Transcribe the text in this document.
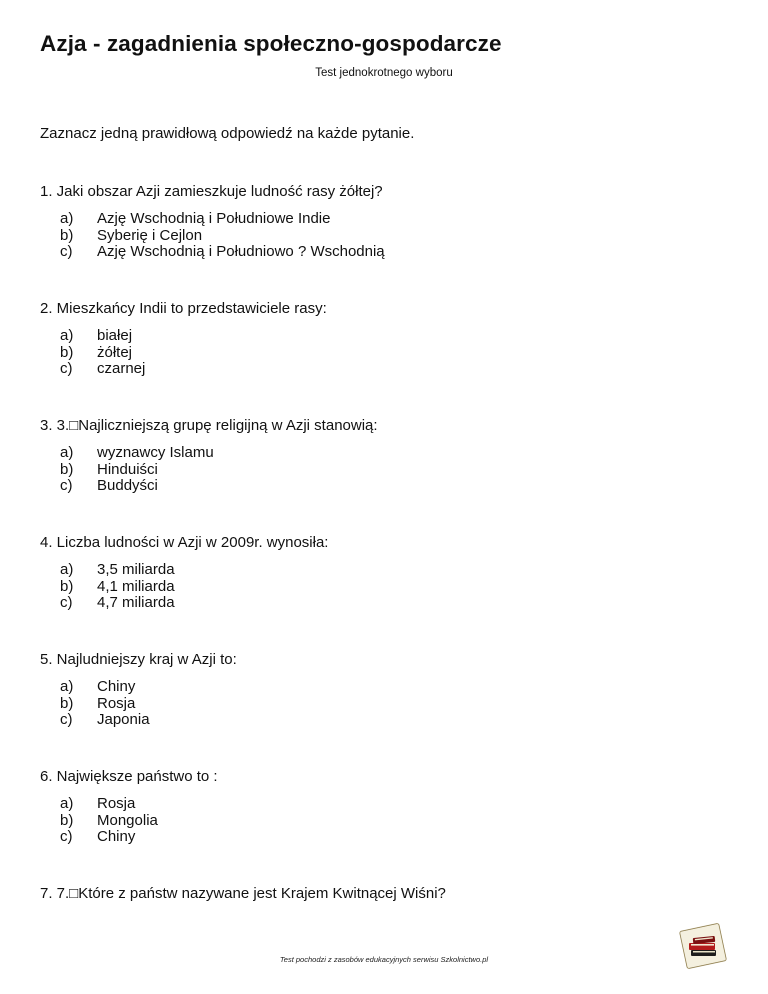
Azja - zagadnienia społeczno-gospodarcze
Test jednokrotnego wyboru
Zaznacz jedną prawidłową odpowiedź na każde pytanie.
1. Jaki obszar Azji zamieszkuje ludność rasy żółtej?
a)	Azję Wschodnią i Południowe Indie
b)	Syberię i Cejlon
c)	Azję Wschodnią i Południowo ? Wschodnią
2. Mieszkańcy Indii to przedstawiciele rasy:
a)	białej
b)	żółtej
c)	czarnej
3. 3.□Najliczniejszą grupę religijną w Azji stanowią:
a)	wyznawcy Islamu
b)	Hinduiści
c)	Buddyści
4. Liczba ludności w Azji w 2009r. wynosiła:
a)	3,5 miliarda
b)	4,1 miliarda
c)	4,7 miliarda
5. Najludniejszy kraj w Azji to:
a)	Chiny
b)	Rosja
c)	Japonia
6. Największe państwo to :
a)	Rosja
b)	Mongolia
c)	Chiny
7. 7.□Które z państw nazywane jest Krajem Kwitnącej Wiśni?
Test pochodzi z zasobów edukacyjnych serwisu Szkolnictwo.pl
